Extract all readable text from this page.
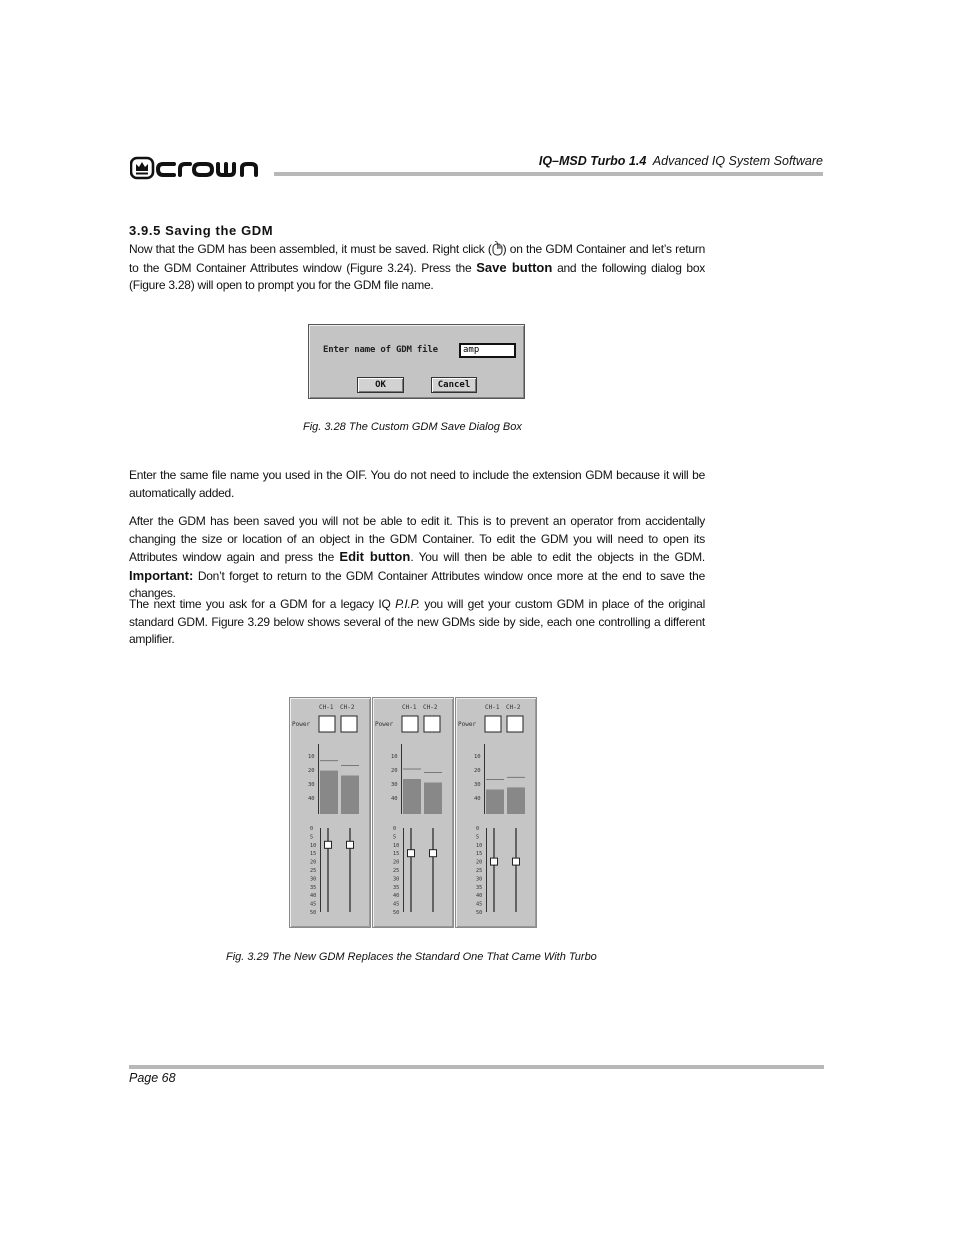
IQ–MSD Turbo 1.4 Advanced IQ System Software
3.9.5 Saving the GDM
Now that the GDM has been assembled, it must be saved. Right click ( ) on the GDM Container and let’s return to the GDM Container Attributes window (Figure 3.24). Press the Save button and the following dialog box (Figure 3.28) will open to prompt you for the GDM file name.
Enter name of GDM file	amp
OK	Cancel
Fig. 3.28 The Custom GDM Save Dialog Box
Enter the same file name you used in the OIF. You do not need to include the extension GDM because it will be automatically added.
After the GDM has been saved you will not be able to edit it. This is to prevent an operator from accidentally changing the size or location of an object in the GDM Container. To edit the GDM you will need to open its Attributes window again and press the Edit button. You will then be able to edit the objects in the GDM. Important: Don’t forget to return to the GDM Container Attributes window once more at the end to save the changes.
The next time you ask for a GDM for a legacy IQ P.I.P. you will get your custom GDM in place of the original standard GDM. Figure 3.29 below shows several of the new GDMs side by side, each one controlling a different amplifier.
CH-1 CH-2
Power
10
20
30
40
0
5
10
15
20
25
30
35
40
45
50
CH-1 CH-2
Power
10
20
30
40
0
5
10
15
20
25
30
35
40
45
50
CH-1 CH-2
Power
10
20
30
40
0
5
10
15
20
25
30
35
40
45
50
Fig. 3.29 The New GDM Replaces the Standard One That Came With Turbo
Page 68
